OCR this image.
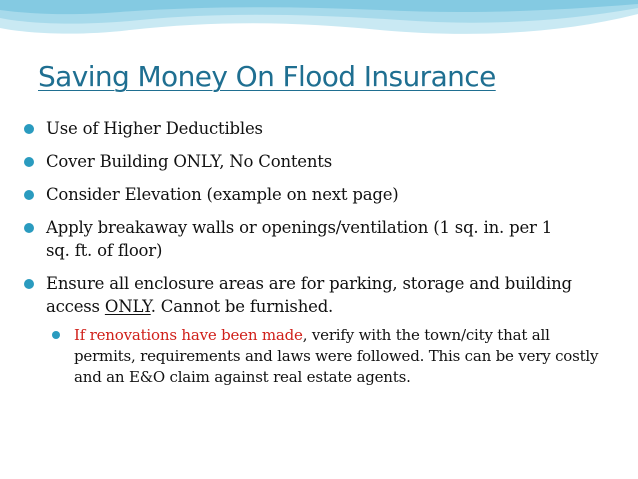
Saving Money On Flood Insurance
Use of Higher Deductibles
Cover Building ONLY, No Contents
Consider Elevation (example on next page)
Apply breakaway walls or openings/ventilation (1 sq. in. per 1 sq. ft. of floor)
Ensure all enclosure areas are for parking, storage and building access ONLY. Cannot be furnished.
If renovations have been made, verify with the town/city that all permits, requirements and laws were followed. This can be very costly and an E&O claim against real estate agents.
